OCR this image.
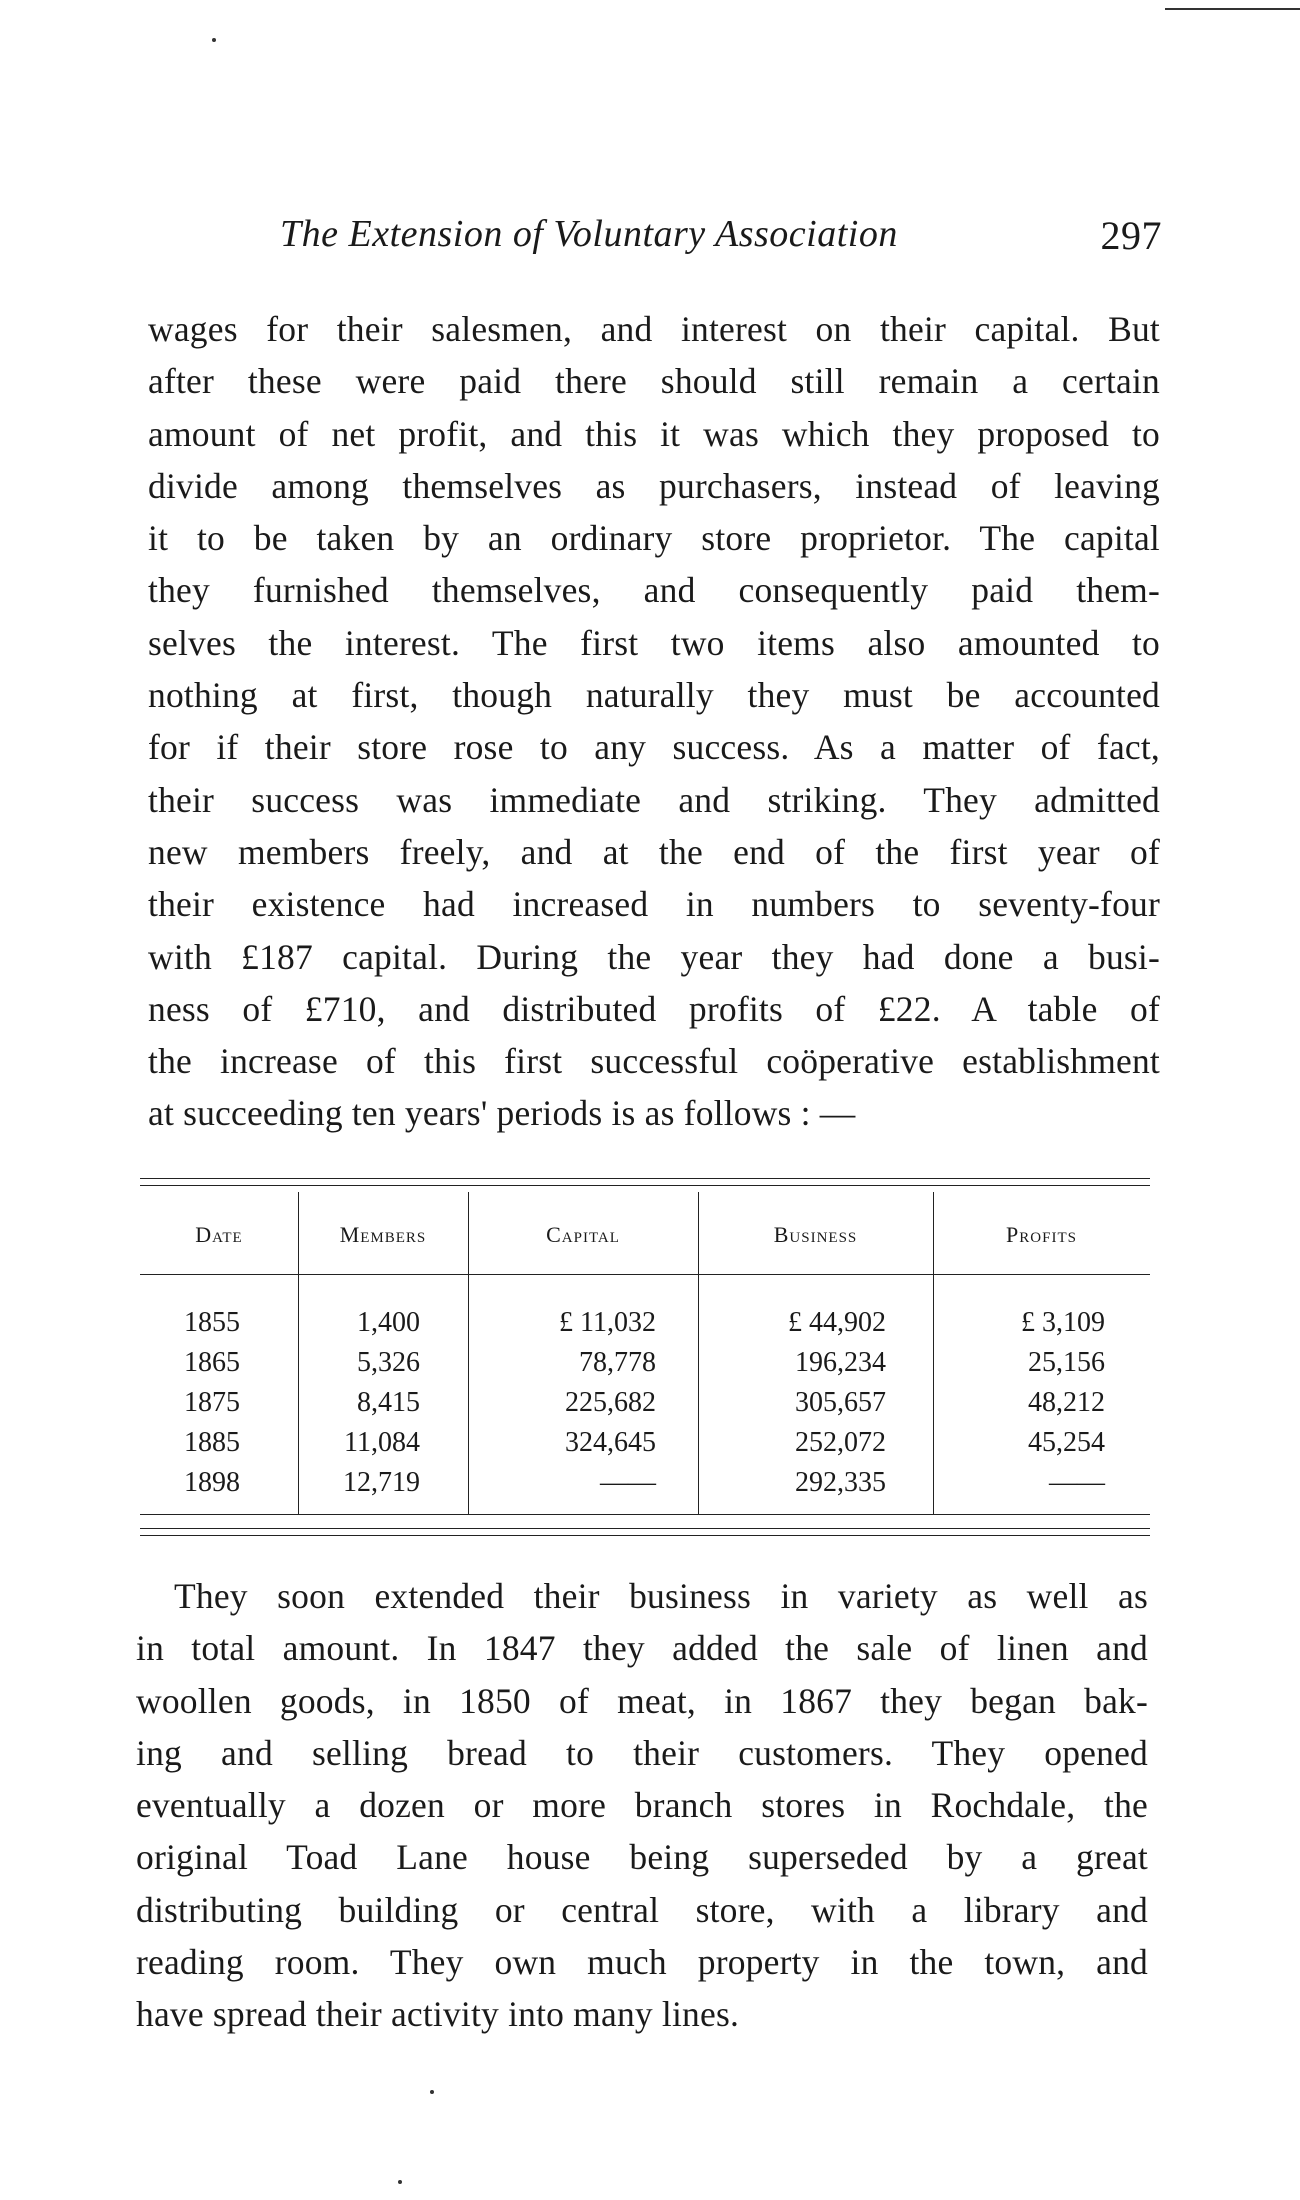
The Extension of Voluntary Association	297

wages for their salesmen, and interest on their capital. But
after these were paid there should still remain a certain
amount of net profit, and this it was which they proposed to
divide among themselves as purchasers, instead of leaving
it to be taken by an ordinary store proprietor. The capital
they furnished themselves, and consequently paid them-
selves the interest. The first two items also amounted to
nothing at first, though naturally they must be accounted
for if their store rose to any success. As a matter of fact,
their success was immediate and striking. They admitted
new members freely, and at the end of the first year of
their existence had increased in numbers to seventy-four
with £187 capital. During the year they had done a busi-
ness of £710, and distributed profits of £22. A table of
the increase of this first successful coöperative establishment
at succeeding ten years' periods is as follows : —

Date	Members	Capital	Business	Profits
1855	1,400	£ 11,032	£ 44,902	£ 3,109
1865	5,326	78,778	196,234	25,156
1875	8,415	225,682	305,657	48,212
1885	11,084	324,645	252,072	45,254
1898	12,719	——	292,335	——

They soon extended their business in variety as well as
in total amount. In 1847 they added the sale of linen and
woollen goods, in 1850 of meat, in 1867 they began bak-
ing and selling bread to their customers. They opened
eventually a dozen or more branch stores in Rochdale, the
original Toad Lane house being superseded by a great
distributing building or central store, with a library and
reading room. They own much property in the town, and
have spread their activity into many lines.
